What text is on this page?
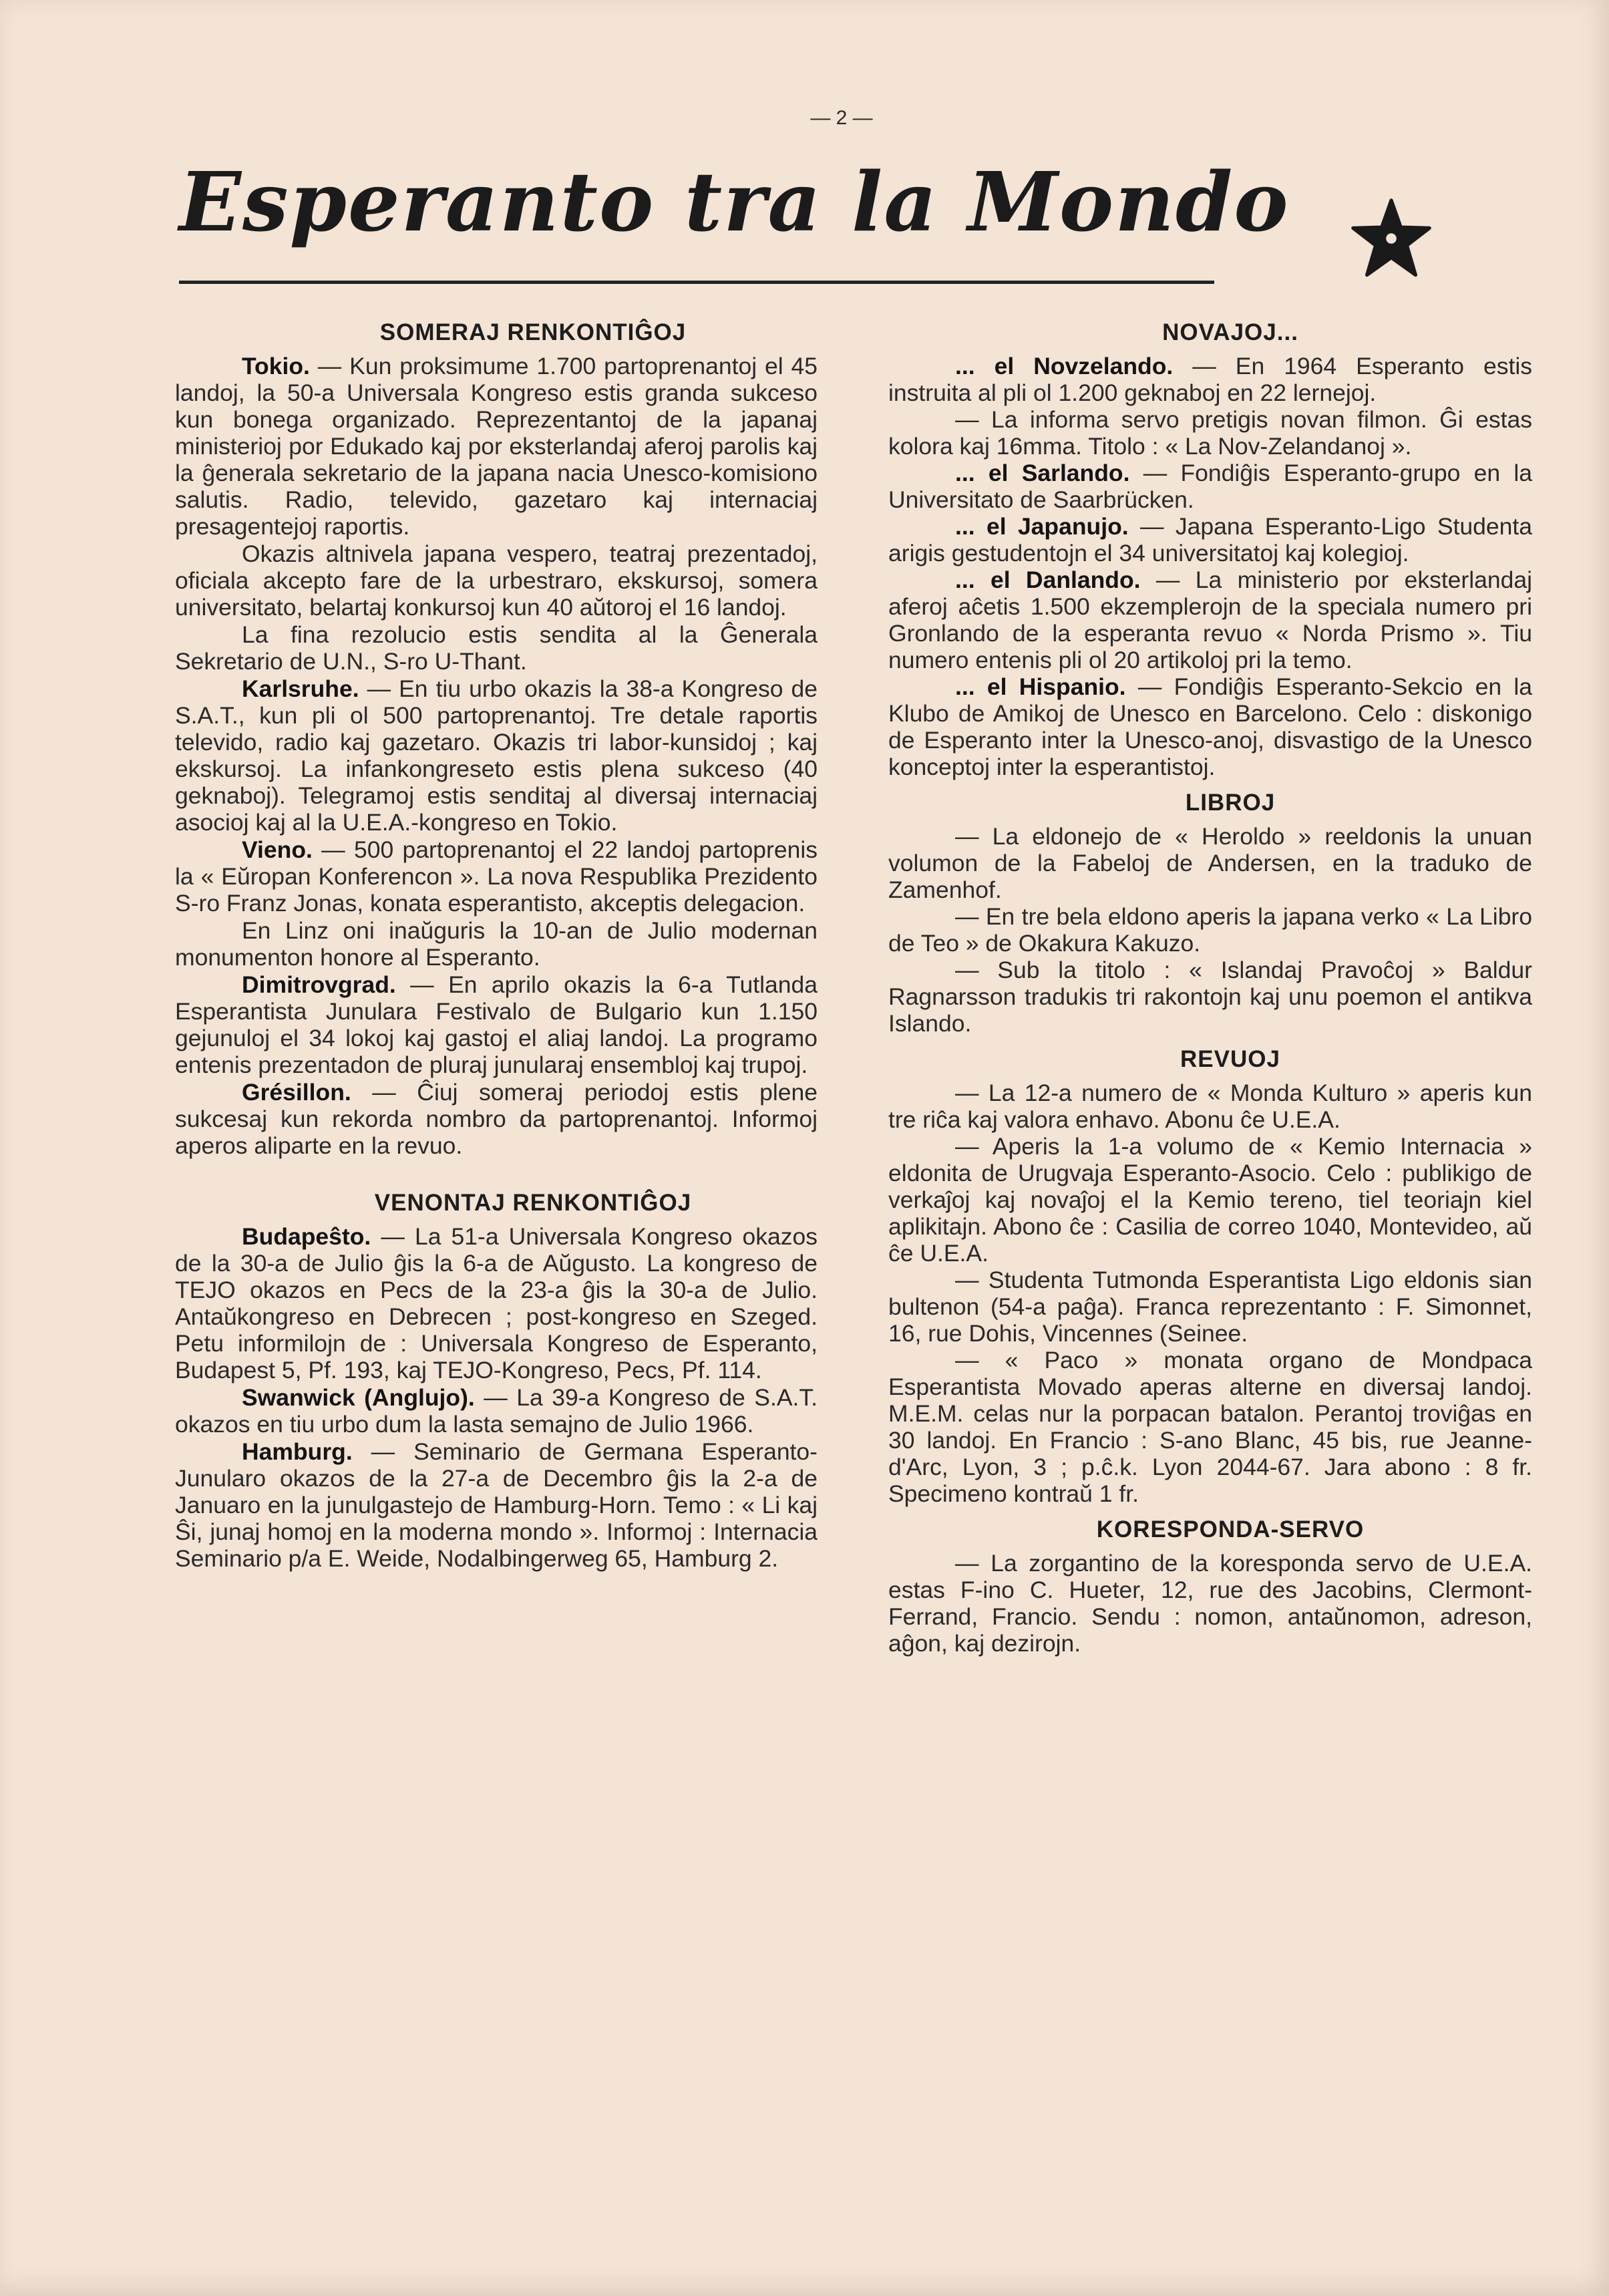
— 2 —
Esperanto tra la Mondo
SOMERAJ RENKONTIĜOJ

Tokio. — Kun proksimume 1.700 partoprenantoj el 45 landoj, la 50-a Universala Kongreso estis granda sukceso kun bonega organizado. Reprezentantoj de la japanaj ministerioj por Edukado kaj por eksterlandaj aferoj parolis kaj la ĝenerala sekretario de la japana nacia Unesco-komisiono salutis. Radio, televido, gazetaro kaj internaciaj presagentejoj raportis.

Okazis altnivela japana vespero, teatraj prezentadoj, oficiala akcepto fare de la urbestraro, ekskursoj, somera universitato, belartaj konkursoj kun 40 aŭtoroj el 16 landoj.

La fina rezolucio estis sendita al la Ĝenerala Sekretario de U.N., S-ro U-Thant.

Karlsruhe. — En tiu urbo okazis la 38-a Kongreso de S.A.T., kun pli ol 500 partoprenantoj. Tre detale raportis televido, radio kaj gazetaro. Okazis tri labor-kunsidoj ; kaj ekskursoj. La infankongreseto estis plena sukceso (40 geknaboj). Telegramoj estis senditaj al diversaj internaciaj asocioj kaj al la U.E.A.-kongreso en Tokio.

Vieno. — 500 partoprenantoj el 22 landoj partoprenis la « Eŭropan Konferencon ». La nova Respublika Prezidento S-ro Franz Jonas, konata esperantisto, akceptis delegacion.

En Linz oni inaŭguris la 10-an de Julio modernan monumenton honore al Esperanto.

Dimitrovgrad. — En aprilo okazis la 6-a Tutlanda Esperantista Junulara Festivalo de Bulgario kun 1.150 gejunuloj el 34 lokoj kaj gastoj el aliaj landoj. La programo entenis prezentadon de pluraj junularaj ensembloj kaj trupoj.

Grésillon. — Ĉiuj someraj periodoj estis plene sukcesaj kun rekorda nombro da partoprenantoj. Informoj aperos aliparte en la revuo.

VENONTAJ RENKONTIĜOJ

Budapeŝto. — La 51-a Universala Kongreso okazos de la 30-a de Julio ĝis la 6-a de Aŭgusto. La kongreso de TEJO okazos en Pecs de la 23-a ĝis la 30-a de Julio. Antaŭkongreso en Debrecen ; post-kongreso en Szeged. Petu informilojn de : Universala Kongreso de Esperanto, Budapest 5, Pf. 193, kaj TEJO-Kongreso, Pecs, Pf. 114.

Swanwick (Anglujo). — La 39-a Kongreso de S.A.T. okazos en tiu urbo dum la lasta semajno de Julio 1966.

Hamburg. — Seminario de Germana Esperanto-Junularo okazos de la 27-a de Decembro ĝis la 2-a de Januaro en la junulgastejo de Hamburg-Horn. Temo : « Li kaj Ŝi, junaj homoj en la moderna mondo ». Informoj : Internacia Seminario p/a E. Weide, Nodalbingerweg 65, Hamburg 2.

NOVAJOJ...

... el Novzelando. — En 1964 Esperanto estis instruita al pli ol 1.200 geknaboj en 22 lernejoj.

— La informa servo pretigis novan filmon. Ĝi estas kolora kaj 16mma. Titolo : « La Nov-Zelandanoj ».

... el Sarlando. — Fondiĝis Esperanto-grupo en la Universitato de Saarbrücken.

... el Japanujo. — Japana Esperanto-Ligo Studenta arigis gestudentojn el 34 universitatoj kaj kolegioj.

... el Danlando. — La ministerio por eksterlandaj aferoj aĉetis 1.500 ekzemplerojn de la speciala numero pri Gronlando de la esperanta revuo « Norda Prismo ». Tiu numero entenis pli ol 20 artikoloj pri la temo.

... el Hispanio. — Fondiĝis Esperanto-Sekcio en la Klubo de Amikoj de Unesco en Barcelono. Celo : diskonigo de Esperanto inter la Unesco-anoj, disvastigo de la Unesco konceptoj inter la esperantistoj.

LIBROJ

— La eldonejo de « Heroldo » reeldonis la unuan volumon de la Fabeloj de Andersen, en la traduko de Zamenhof.

— En tre bela eldono aperis la japana verko « La Libro de Teo » de Okakura Kakuzo.

— Sub la titolo : « Islandaj Pravoĉoj » Baldur Ragnarsson tradukis tri rakontojn kaj unu poemon el antikva Islando.

REVUOJ

— La 12-a numero de « Monda Kulturo » aperis kun tre riĉa kaj valora enhavo. Abonu ĉe U.E.A.

— Aperis la 1-a volumo de « Kemio Internacia » eldonita de Urugvaja Esperanto-Asocio. Celo : publikigo de verkaĵoj kaj novaĵoj el la Kemio tereno, tiel teoriajn kiel aplikitajn. Abono ĉe : Casilia de correo 1040, Montevideo, aŭ ĉe U.E.A.

— Studenta Tutmonda Esperantista Ligo eldonis sian bultenon (54-a paĝa). Franca reprezentanto : F. Simonnet, 16, rue Dohis, Vincennes (Seinee.

— « Paco » monata organo de Mondpaca Esperantista Movado aperas alterne en diversaj landoj. M.E.M. celas nur la porpacan batalon. Perantoj troviĝas en 30 landoj. En Francio : S-ano Blanc, 45 bis, rue Jeanne-d'Arc, Lyon, 3 ; p.ĉ.k. Lyon 2044-67. Jara abono : 8 fr. Specimeno kontraŭ 1 fr.

KORESPONDA-SERVO

— La zorgantino de la koresponda servo de U.E.A. estas F-ino C. Hueter, 12, rue des Jacobins, Clermont-Ferrand, Francio. Sendu : nomon, antaŭnomon, adreson, aĝon, kaj dezirojn.
